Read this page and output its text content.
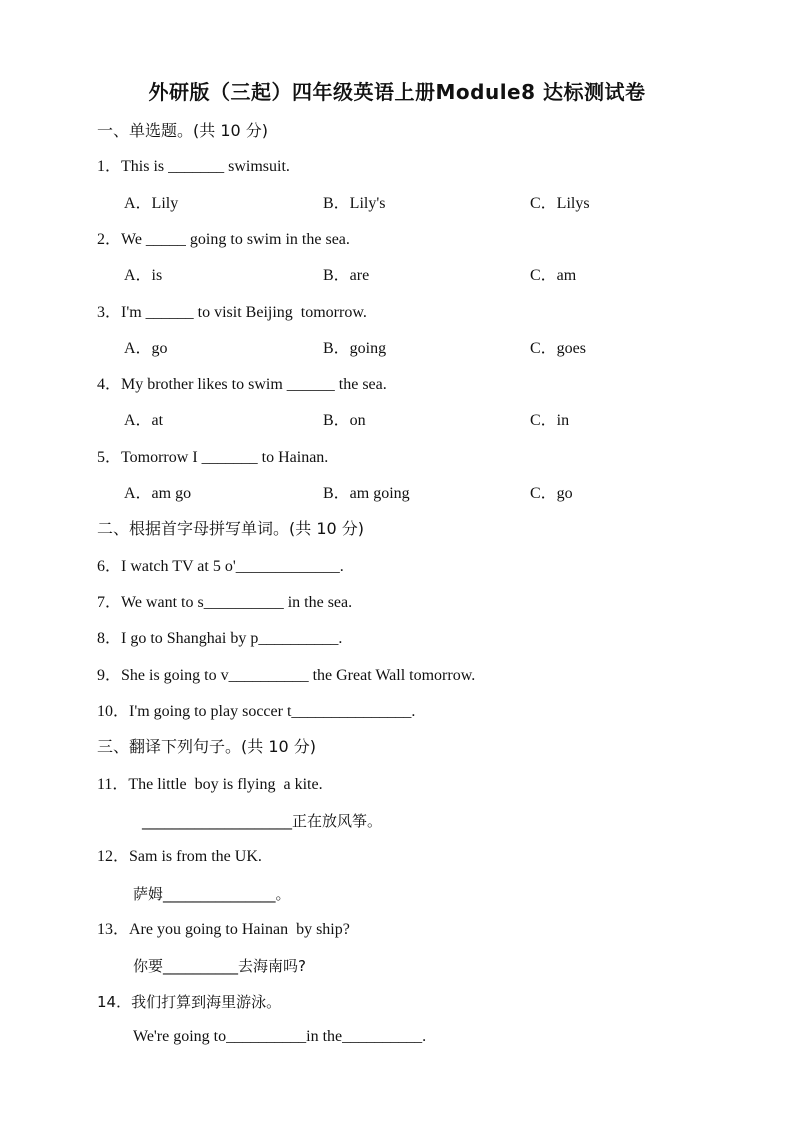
外研版（三起）四年级英语上册Module8 达标测试卷
一、单选题。(共 10 分)
1．This is _______ swimsuit.
A．Lily	B．Lily's	C．Lilys
2．We _____ going to swim in the sea.
A．is	B．are	C．am
3．I'm ______ to visit Beijing  tomorrow.
A．go	B．going	C．goes
4．My brother likes to swim ______ the sea.
A．at	B．on	C．in
5．Tomorrow I _______ to Hainan.
A．am go	B．am going	C．go
二、根据首字母拼写单词。(共 10 分)
6．I watch TV at 5 o'_____________.
7．We want to s__________ in the sea.
8．I go to Shanghai by p__________.
9．She is going to v__________ the Great Wall tomorrow.
10．I'm going to play soccer t_______________.
三、翻译下列句子。(共 10 分)
11．The little  boy is flying  a kite.
____________________正在放风筝。
12．Sam is from the UK.
萨姆_______________。
13．Are you going to Hainan  by ship?
你要__________去海南吗?
14．我们打算到海里游泳。
We're going to__________in the__________.
